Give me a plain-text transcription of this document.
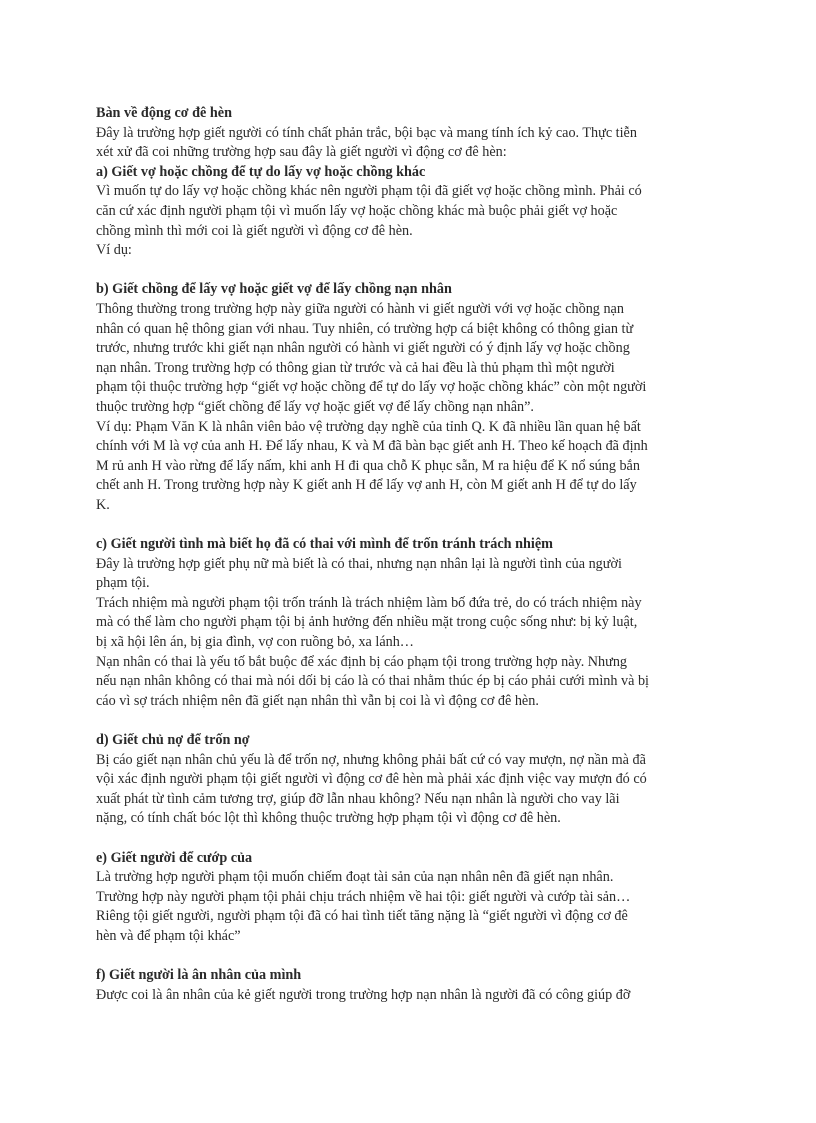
Bàn về động cơ đê hèn
Đây là trường hợp giết người có tính chất phản trắc, bội bạc và mang tính ích kỷ cao. Thực tiễn
xét xử đã coi những trường hợp sau đây là giết người vì động cơ đê hèn:
a) Giết vợ hoặc chồng để tự do lấy vợ hoặc chồng khác
Vì muốn tự do lấy vợ hoặc chồng khác nên người phạm tội đã giết vợ hoặc chồng mình. Phải có
căn cứ xác định người phạm tội vì muốn lấy vợ hoặc chồng khác mà buộc phải giết vợ hoặc
chồng mình thì mới coi là giết người vì động cơ đê hèn.
Ví dụ:
b) Giết chồng để lấy vợ hoặc giết vợ để lấy chồng nạn nhân
Thông thường trong trường hợp này giữa người có hành vi giết người với vợ hoặc chồng nạn
nhân có quan hệ thông gian với nhau. Tuy nhiên, có trường hợp cá biệt không có thông gian từ
trước, nhưng trước khi giết nạn nhân người có hành vi giết người có ý định lấy vợ hoặc chồng
nạn nhân. Trong trường hợp có thông gian từ trước và cả hai đều là thủ phạm thì một người
phạm tội thuộc trường hợp “giết vợ hoặc chồng để tự do lấy vợ hoặc chồng khác” còn một người
thuộc trường hợp “giết chồng để lấy vợ hoặc giết vợ để lấy chồng nạn nhân”.
Ví dụ: Phạm Văn K là nhân viên bảo vệ trường dạy nghề của tỉnh Q. K đã nhiều lần quan hệ bất
chính với M là vợ của anh H. Để lấy nhau, K và M đã bàn bạc giết anh H. Theo kế hoạch đã định
M rủ anh H vào rừng để lấy nấm, khi anh H đi qua chỗ K phục sẵn, M ra hiệu để K nổ súng bắn
chết anh H. Trong trường hợp này K giết anh H để lấy vợ anh H, còn M giết anh H để tự do lấy
K.
c) Giết người tình mà biết họ đã có thai với mình để trốn tránh trách nhiệm
Đây là trường hợp giết phụ nữ mà biết là có thai, nhưng nạn nhân lại là người tình của người
phạm tội.
Trách nhiệm mà người phạm tội trốn tránh là trách nhiệm làm bố đứa trẻ, do có trách nhiệm này
mà có thể làm cho người phạm tội bị ảnh hưởng đến nhiều mặt trong cuộc sống như: bị kỷ luật,
bị xã hội lên án, bị gia đình, vợ con ruồng bỏ, xa lánh…
Nạn nhân có thai là yếu tố bắt buộc để xác định bị cáo phạm tội trong trường hợp này. Nhưng
nếu nạn nhân không có thai mà nói dối bị cáo là có thai nhằm thúc ép bị cáo phải cưới mình và bị
cáo vì sợ trách nhiệm nên đã giết nạn nhân thì vẫn bị coi là vì động cơ đê hèn.
d) Giết chủ nợ để trốn nợ
Bị cáo giết nạn nhân chủ yếu là để trốn nợ, nhưng không phải bất cứ có vay mượn, nợ nần mà đã
vội xác định người phạm tội giết người vì động cơ đê hèn mà phải xác định việc vay mượn đó có
xuất phát từ tình cảm tương trợ, giúp đỡ lẫn nhau không? Nếu nạn nhân là người cho vay lãi
nặng, có tính chất bóc lột thì không thuộc trường hợp phạm tội vì động cơ đê hèn.
e) Giết người để cướp của
Là trường hợp người phạm tội muốn chiếm đoạt tài sản của nạn nhân nên đã giết nạn nhân.
Trường hợp này người phạm tội phải chịu trách nhiệm về hai tội: giết người và cướp tài sản…
Riêng tội giết người, người phạm tội đã có hai tình tiết tăng nặng là “giết người vì động cơ đê
hèn và để phạm tội khác”
f) Giết người là ân nhân của mình
Được coi là ân nhân của kẻ giết người trong trường hợp nạn nhân là người đã có công giúp đỡ
